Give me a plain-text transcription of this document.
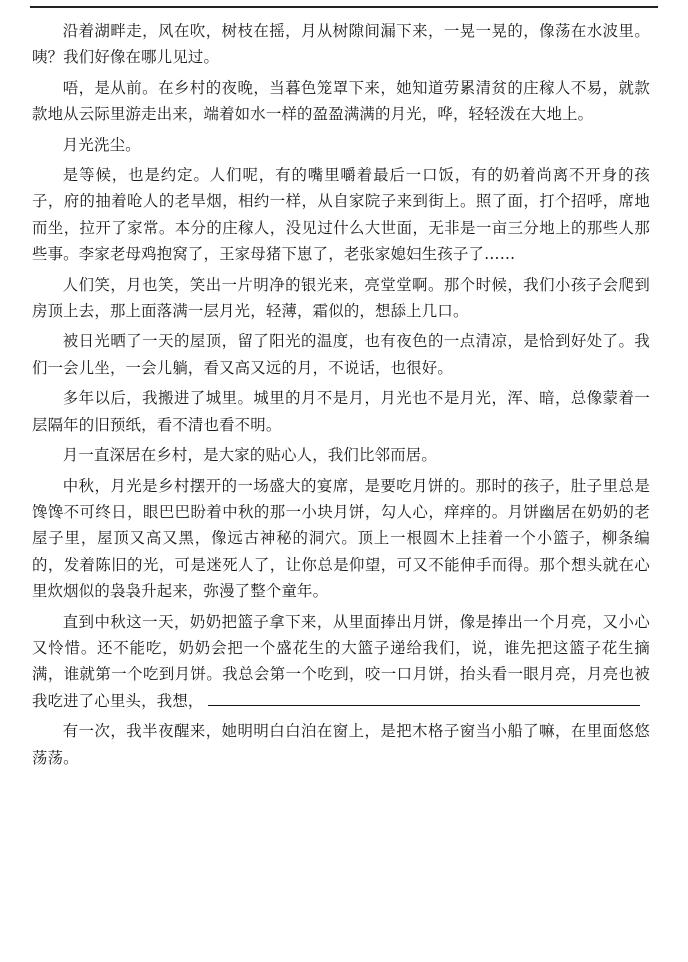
沿着湖畔走，风在吹，树枝在摇，月从树隙间漏下来，一晃一晃的，像荡在水波里。咦？我们好像在哪儿见过。

唔，是从前。在乡村的夜晚，当暮色笼罩下来，她知道劳累清贫的庄稼人不易，就款款地从云际里游走出来，端着如水一样的盈盈满满的月光，哗，轻轻泼在大地上。

月光洗尘。

是等候，也是约定。人们呢，有的嘴里嚼着最后一口饭，有的奶着尚离不开身的孩子，府的抽着呛人的老旱烟，相约一样，从自家院子来到街上。照了面，打个招呼，席地而坐，拉开了家常。本分的庄稼人，没见过什么大世面，无非是一亩三分地上的那些人那些事。李家老母鸡抱窝了，王家母猪下崽了，老张家媳妇生孩子了……

人们笑，月也笑，笑出一片明净的银光来，亮堂堂啊。那个时候，我们小孩子会爬到房顶上去，那上面落满一层月光，轻薄，霜似的，想舔上几口。

被日光晒了一天的屋顶，留了阳光的温度，也有夜色的一点清凉，是恰到好处了。我们一会儿坐，一会儿躺，看又高又远的月，不说话，也很好。

多年以后，我搬进了城里。城里的月不是月，月光也不是月光，浑、暗，总像蒙着一层隔年的旧预纸，看不清也看不明。

月一直深居在乡村，是大家的贴心人，我们比邻而居。

中秋，月光是乡村摆开的一场盛大的宴席，是要吃月饼的。那时的孩子，肚子里总是馋馋不可终日，眼巴巴盼着中秋的那一小块月饼，勾人心，痒痒的。月饼幽居在奶奶的老屋子里，屋顶又高又黑，像远古神秘的洞穴。顶上一根圆木上挂着一个小篮子，柳条编的，发着陈旧的光，可是迷死人了，让你总是仰望，可又不能伸手而得。那个想头就在心里炊烟似的袅袅升起来，弥漫了整个童年。

直到中秋这一天，奶奶把篮子拿下来，从里面捧出月饼，像是捧出一个月亮，又小心又怜惜。还不能吃，奶奶会把一个盛花生的大篮子递给我们，说，谁先把这篮子花生摘满，谁就第一个吃到月饼。我总会第一个吃到，咬一口月饼，抬头看一眼月亮，月亮也被我吃进了心里头，我想，

有一次，我半夜醒来，她明明白白泊在窗上，是把木格子窗当小船了嘛，在里面悠悠荡荡。
